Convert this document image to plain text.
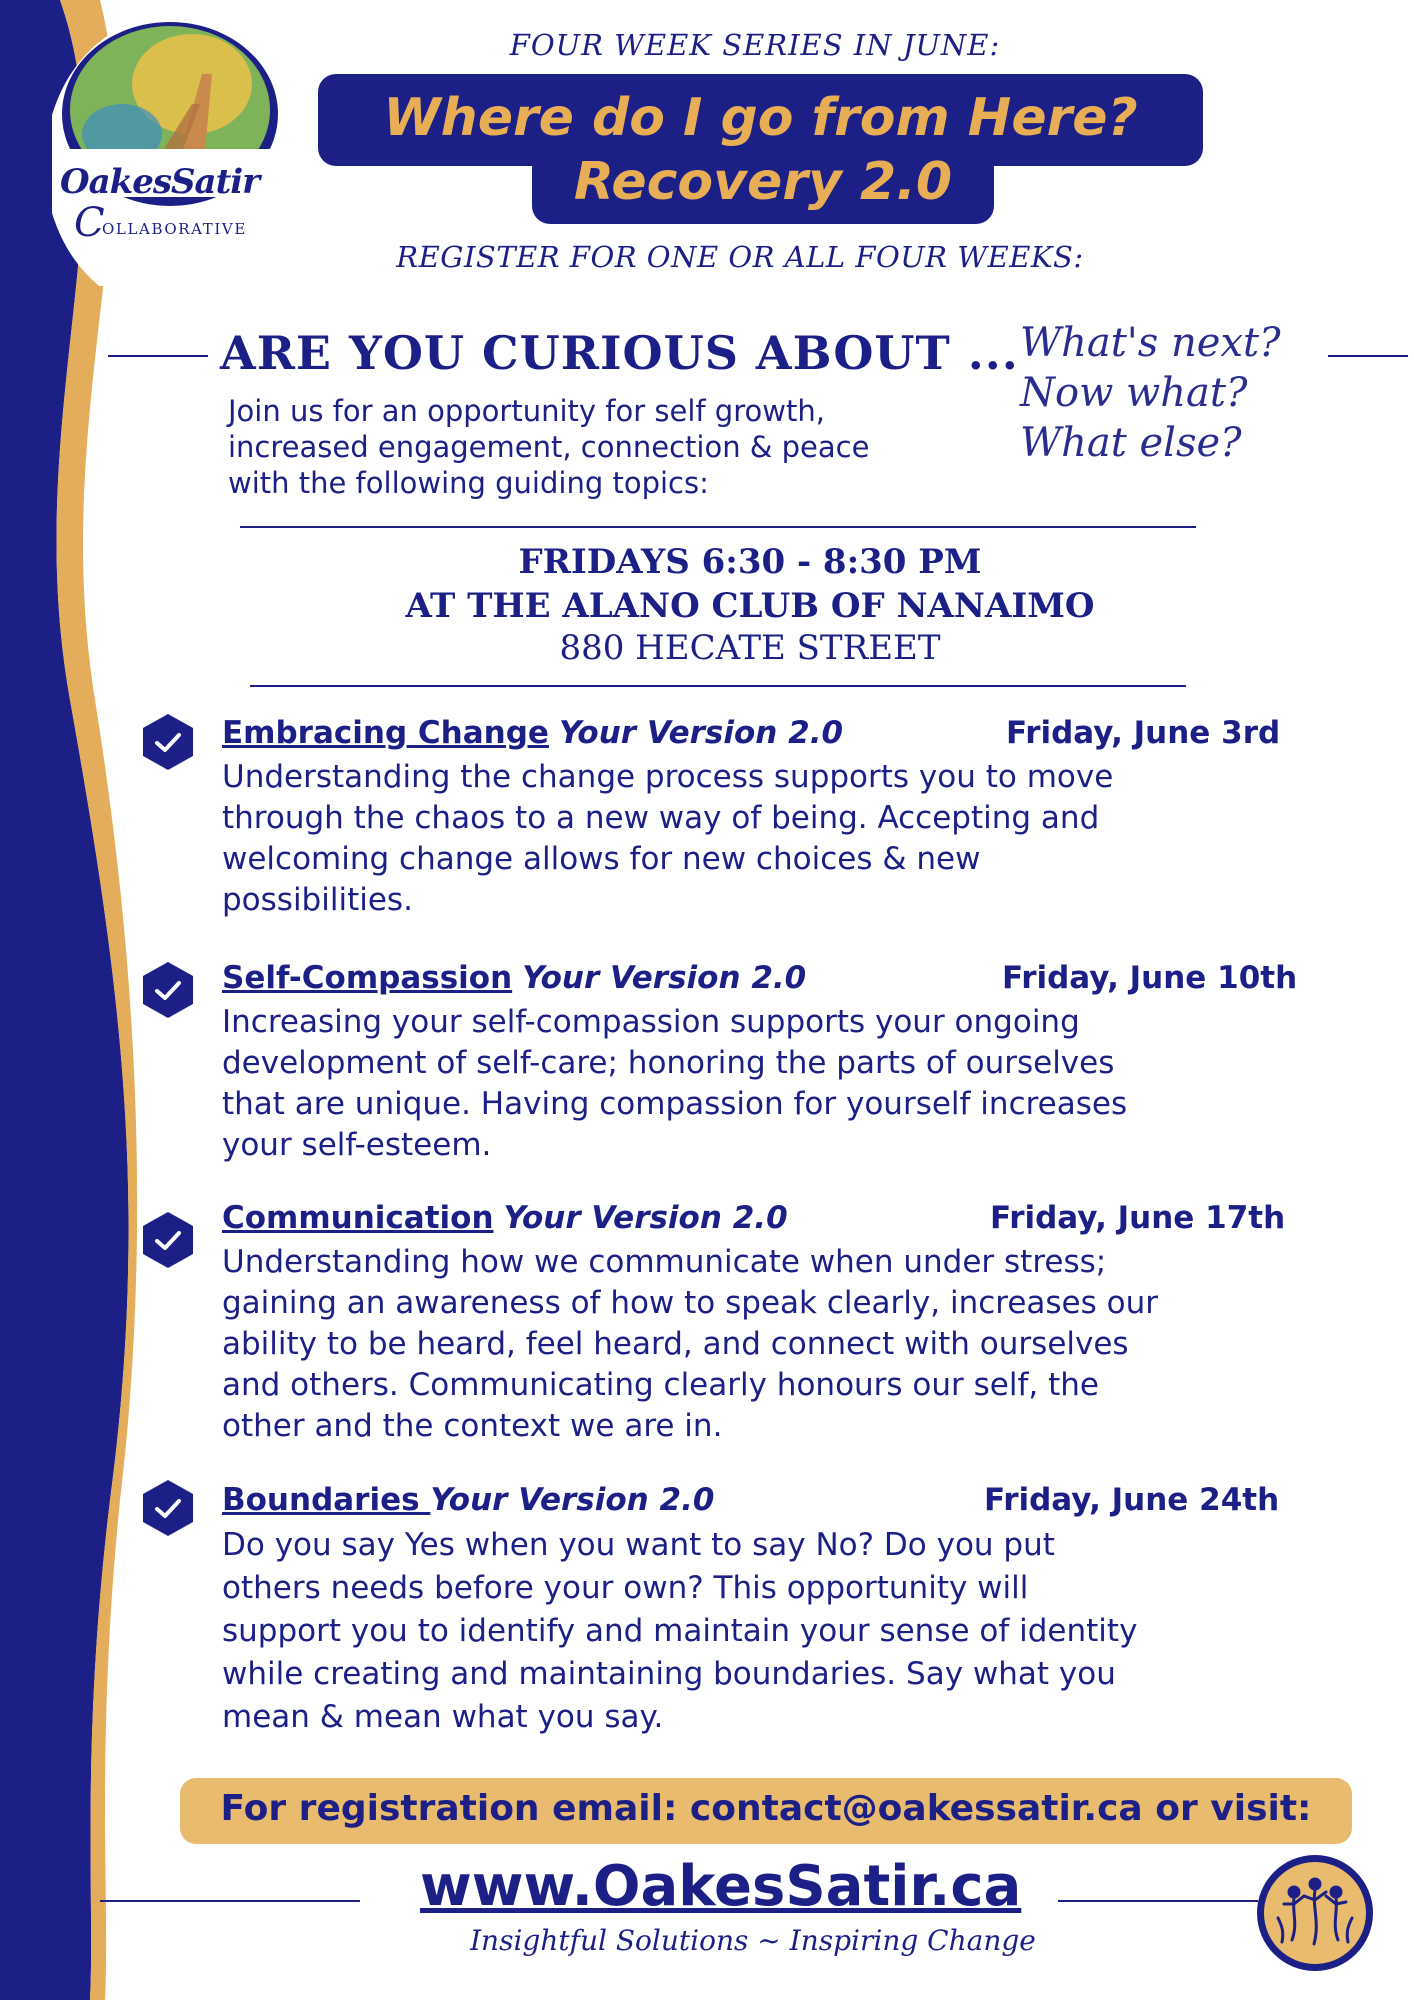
OakesSatir
C
OLLABORATIVE
FOUR WEEK SERIES IN JUNE:
Where do I go from Here?
Recovery 2.0
REGISTER FOR ONE OR ALL FOUR WEEKS:
ARE YOU CURIOUS ABOUT ...
Join us for an opportunity for self growth,
increased engagement, connection & peace
with the following guiding topics:
What's next?
Now what?
What else?
FRIDAYS 6:30 - 8:30 PM
AT THE ALANO CLUB OF NANAIMO
880 HECATE STREET
Embracing Change Your Version 2.0	Friday, June 3rd
Understanding the change process supports you to move
through the chaos to a new way of being. Accepting and
welcoming change allows for new choices & new
possibilities.
Self-Compassion Your Version 2.0	Friday, June 10th
Increasing your self-compassion supports your ongoing
development of self-care; honoring the parts of ourselves
that are unique. Having compassion for yourself increases
your self-esteem.
Communication Your Version 2.0	Friday, June 17th
Understanding how we communicate when under stress;
gaining an awareness of how to speak clearly, increases our
ability to be heard, feel heard, and connect with ourselves
and others. Communicating clearly honours our self, the
other and the context we are in.
Boundaries Your Version 2.0	Friday, June 24th
Do you say Yes when you want to say No? Do you put
others needs before your own? This opportunity will
support you to identify and maintain your sense of identity
while creating and maintaining boundaries. Say what you
mean & mean what you say.
For registration email: contact@oakessatir.ca or visit:
www.OakesSatir.ca
Insightful Solutions ~ Inspiring Change
